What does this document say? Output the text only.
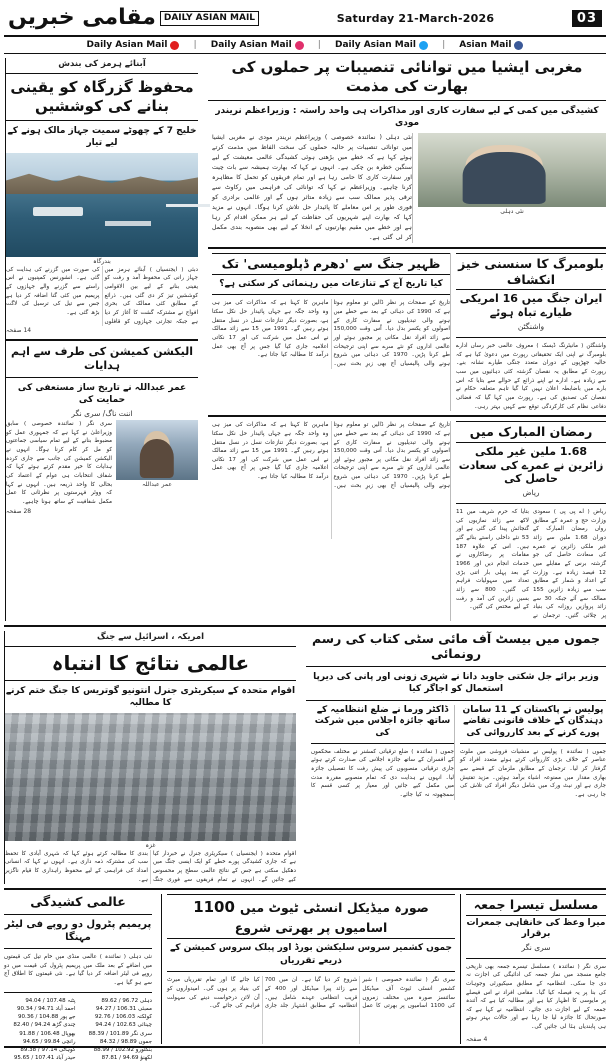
03
Saturday 21-March-2026
DAILY ASIAN MAIL
مقامی خبریں
Asian Mail
|
Daily Asian Mail
|
Daily Asian Mail
|
Daily Asian Mail
مغربی ایشیا میں توانائی تنصیبات پر حملوں کی بھارت کی مذمت
کشیدگی میں کمی کے لیے سفارت کاری اور مذاکرات ہی واحد راستہ : وزیراعظم نریندر مودی
نئی دہلی
نئی دہلی ( نمائندہ خصوصی ) وزیراعظم نریندر مودی نے مغربی ایشیا میں توانائی تنصیبات پر حالیہ حملوں کی سخت الفاظ میں مذمت کرتے ہوئے کہا ہے کہ خطے میں بڑھتی ہوئی کشیدگی عالمی معیشت کے لیے سنگین خطرہ بن چکی ہے۔ انہوں نے کہا کہ بھارت ہمیشہ سے بات چیت اور سفارت کاری کا حامی رہا ہے اور تمام فریقوں کو تحمل کا مظاہرہ کرنا چاہیے۔ وزیراعظم نے کہا کہ توانائی کی فراہمی میں رکاوٹ سے ترقی پذیر ممالک سب سے زیادہ متاثر ہوں گے اور عالمی برادری کو فوری طور پر اس معاملے کا پائیدار حل تلاش کرنا ہوگا۔ انہوں نے مزید کہا کہ بھارت اپنے شہریوں کی حفاظت کے لیے ہر ممکن اقدام کر رہا ہے اور خطے میں مقیم بھارتیوں کے انخلا کے لیے بھی منصوبہ بندی مکمل کر لی گئی ہے۔
بلومبرگ کا سنسنی خیز انکشاف
ایران جنگ میں 16 امریکی طیارے تباہ ہوئے
واشنگٹن
واشنگٹن ( مانیٹرنگ ڈیسک ) معروف عالمی خبر رساں ادارے بلومبرگ نے اپنی ایک تحقیقاتی رپورٹ میں دعویٰ کیا ہے کہ حالیہ جھڑپوں کے دوران متعدد جنگی طیارے نشانہ بنے۔ رپورٹ کے مطابق یہ نقصان گزشتہ کئی دہائیوں میں سب سے زیادہ ہے۔ ادارے نے اپنے ذرائع کے حوالے سے بتایا کہ اس بارے میں باضابطہ اعلان نہیں کیا گیا تاہم متعلقہ حکام نے نقصان کی تصدیق کی ہے۔ رپورٹ میں کہا گیا کہ فضائی دفاعی نظام کی کارکردگی توقع سے کہیں بہتر رہی۔
ظہیر جنگ سے 'دھرم ڈپلومیسی' تک
کیا تاریخ آج کے تنازعات میں رہنمائی کر سکتی ہے؟
تاریخ کے صفحات پر نظر ڈالیں تو معلوم ہوتا ہے کہ 1990 کی دہائی کے بعد سے خطے میں ہونے والی تبدیلیوں نے سفارت کاری کے اصولوں کو یکسر بدل دیا۔ اُس وقت 150,000 سے زائد افراد نقل مکانی پر مجبور ہوئے اور عالمی اداروں کو نئے سرے سے اپنی ترجیحات طے کرنا پڑیں۔ 1970 کی دہائی میں شروع ہونے والی پالیسیاں آج بھی زیرِ بحث ہیں۔ ماہرین کا کہنا ہے کہ مذاکرات کی میز ہی وہ واحد جگہ ہے جہاں پائیدار حل نکل سکتا ہے، بصورت دیگر تنازعات نسل در نسل منتقل ہوتے رہیں گے۔ 1991 میں 15 سے زائد ممالک نے اس عمل میں شرکت کی اور 17 نکاتی اعلامیہ جاری کیا گیا جس پر آج بھی عمل درآمد کا مطالبہ کیا جاتا ہے۔
رمضان المبارک میں
1.68 ملین غیر ملکی زائرین نے عمرے کی سعادت حاصل کی
ریاض
ریاض ( اے پی پی ) سعودی وزارت حج و عمرہ کے مطابق رواں رمضان المبارک کے دوران 1.68 ملین سے زائد غیر ملکی زائرین نے عمرے کی سعادت حاصل کی جو گزشتہ برس کے مقابلے میں 12 فیصد زیادہ ہے۔ وزارت کے اعداد و شمار کے مطابق سب سے زیادہ زائرین 155 ممالک سے آئے جبکہ 30 سے زائد پروازیں روزانہ کی بنیاد پر چلائی گئیں۔ ترجمان نے بتایا کہ حرم شریف میں 11 لاکھ سے زائد نمازیوں کی گنجائش پیدا کی گئی ہے اور 53 نئے داخلی راستے بنائے گئے ہیں۔ اس کے علاوہ 187 مقامات پر رضاکاروں نے خدمات انجام دیں اور 1966 کے بعد پہلی بار اتنی بڑی تعداد میں سہولیات فراہم کی گئیں۔ 800 سے زائد بسیں زائرین کی آمد و رفت کے لیے مختص کی گئیں۔
تاریخ کے صفحات پر نظر ڈالیں تو معلوم ہوتا ہے کہ 1990 کی دہائی کے بعد سے خطے میں ہونے والی تبدیلیوں نے سفارت کاری کے اصولوں کو یکسر بدل دیا۔ اُس وقت 150,000 سے زائد افراد نقل مکانی پر مجبور ہوئے اور عالمی اداروں کو نئے سرے سے اپنی ترجیحات طے کرنا پڑیں۔ 1970 کی دہائی میں شروع ہونے والی پالیسیاں آج بھی زیرِ بحث ہیں۔ ماہرین کا کہنا ہے کہ مذاکرات کی میز ہی وہ واحد جگہ ہے جہاں پائیدار حل نکل سکتا ہے، بصورت دیگر تنازعات نسل در نسل منتقل ہوتے رہیں گے۔ 1991 میں 15 سے زائد ممالک نے اس عمل میں شرکت کی اور 17 نکاتی اعلامیہ جاری کیا گیا جس پر آج بھی عمل درآمد کا مطالبہ کیا جاتا ہے۔
آبنائے ہرمز کی بندش
محفوظ گزرگاہ کو یقینی بنانے کی کوششیں
خلیج 7 کے چھوٹے سمیت جہاز مالک ہونے کے لیے تیار
بندرگاہ
دبئی ( ایجنسیاں ) آبنائے ہرمز میں جہاز رانی کی محفوظ آمد و رفت کو یقینی بنانے کے لیے بین الاقوامی کوششیں تیز کر دی گئی ہیں۔ ذرائع کے مطابق کئی ممالک کی بحری افواج نے مشترکہ گشت کا آغاز کر دیا ہے جبکہ تجارتی جہازوں کو قافلوں کی صورت میں گزرنے کی ہدایت کی گئی ہے۔ انشورنس کمپنیوں نے اس راستے سے گزرنے والے جہازوں کے پریمیم میں کئی گنا اضافہ کر دیا ہے جس سے تیل کی ترسیل کی لاگت بڑھ گئی ہے۔
14 صفحہ
الیکشن کمیشن کی طرف سے اہم ہدایات
عمر عبداللہ نے تاریخ ساز مستعفی کی حمایت کی
اننت ناگ/ سری نگر
عمر عبداللہ
سری نگر ( نمائندہ خصوصی ) سابق وزیراعلیٰ نے کہا ہے کہ جمہوری عمل کو مضبوط بنانے کے لیے تمام سیاسی جماعتوں کو مل کر کام کرنا ہوگا۔ انہوں نے الیکشن کمیشن کی جانب سے جاری کردہ ہدایات کا خیر مقدم کرتے ہوئے کہا کہ شفاف انتخابات ہی عوام کے اعتماد کی بحالی کا واحد ذریعہ ہیں۔ انہوں نے کہا کہ ووٹر فہرستوں پر نظرثانی کا عمل مکمل شفافیت کے ساتھ ہونا چاہیے۔
28 صفحہ
جموں میں بیسٹ آف مائی سٹی کتاب کی رسم رونمائی
وزیر برائے جل شکتی جاوید دانا نے شہری زونی اور پانی کی دیرپا استعمال کو اجاگر کیا
پولیس نے پاکستان کے 11 سامان دہندگان کے خلاف قانونی تقاضے پورے کرنے کے بعد کارروائی کی
جموں ( نمائندہ ) پولیس نے منشیات فروشی میں ملوث عناصر کے خلاف بڑی کارروائی کرتے ہوئے متعدد افراد کو گرفتار کر لیا۔ ترجمان کے مطابق ملزمان کے قبضے سے بھاری مقدار میں ممنوعہ اشیاء برآمد ہوئیں۔ مزید تفتیش جاری ہے اور نیٹ ورک میں شامل دیگر افراد کی تلاش کی جا رہی ہے۔
ڈاکٹر ورما نے ضلع انتظامیہ کے ساتھ جائزہ اجلاس میں شرکت کی
جموں ( نمائندہ ) ضلع ترقیاتی کمشنر نے مختلف محکموں کے افسران کے ساتھ جائزہ اجلاس کی صدارت کرتے ہوئے جاری ترقیاتی منصوبوں کی پیش رفت کا تفصیلی جائزہ لیا۔ انہوں نے ہدایت دی کہ تمام منصوبے مقررہ مدت میں مکمل کیے جائیں اور معیار پر کسی قسم کا سمجھوتہ نہ کیا جائے۔
امریکہ ، اسرائیل سے جنگ
عالمی نتائج کا انتباہ
اقوام متحدہ کے سیکریٹری جنرل انتونیو گوتریس کا جنگ ختم کرنے کا مطالبہ
غزہ
اقوام متحدہ ( ایجنسیاں ) سیکریٹری جنرل نے خبردار کیا ہے کہ جاری کشیدگی پورے خطے کو ایک ایسی جنگ میں دھکیل سکتی ہے جس کے نتائج عالمی سطح پر محسوس کیے جائیں گے۔ انہوں نے تمام فریقوں سے فوری جنگ بندی کا مطالبہ کرتے ہوئے کہا کہ شہری آبادی کا تحفظ سب کی مشترکہ ذمہ داری ہے۔ انہوں نے کہا کہ انسانی امداد کی فراہمی کے لیے محفوظ راہداری کا قیام ناگزیر ہے۔
مسلسل تیسرا جمعہ
میرا وعظ کی خانقاہی جمعرات برقرار
سری نگر
سری نگر ( نمائندہ ) مسلسل تیسرے جمعہ بھی تاریخی جامع مسجد میں نماز جمعہ کی ادائیگی کی اجازت نہ دی جا سکی۔ انتظامیہ کے مطابق سیکیورٹی وجوہات کی بنا پر یہ فیصلہ کیا گیا۔ مقامی افراد نے اس فیصلے پر مایوسی کا اظہار کیا ہے اور مطالبہ کیا ہے کہ آئندہ جمعہ کے لیے اجازت دی جائے۔ انتظامیہ نے کہا ہے کہ صورتحال کا جائزہ لیا جا رہا ہے اور حالات بہتر ہوتے ہی پابندیاں ہٹا لی جائیں گی۔
4 صفحہ
صورہ میڈیکل انسٹی ٹیوٹ میں 1100 اسامیوں پر بھرتی شروع
جموں کشمیر سروس سلیکشن بورڈ اور پبلک سروس کمیشن کے ذریعے تقرریاں
سری نگر ( نمائندہ خصوصی ) شیر کشمیر انسٹی ٹیوٹ آف میڈیکل سائنسز صورہ میں مختلف زمروں کی 1100 اسامیوں پر بھرتی کا عمل شروع کر دیا گیا ہے۔ ان میں 700 سے زائد پیرا میڈیکل اور 400 کے قریب انتظامی عہدے شامل ہیں۔ انتظامیہ کے مطابق اشتہار جلد جاری کیا جائے گا اور تمام تقرریاں میرٹ کی بنیاد پر ہوں گی۔ امیدواروں کو آن لائن درخواست دینے کی سہولت فراہم کی جائے گی۔
عالمی کشیدگی
پریمیم پٹرول دو روپے فی لیٹر مہنگا
نئی دہلی ( نمائندہ ) عالمی منڈی میں خام تیل کی قیمتوں میں اضافے کے بعد ملک میں پریمیم پٹرول کی قیمت میں دو روپے فی لیٹر اضافہ کر دیا گیا ہے۔ نئی قیمتوں کا اطلاق آج سے ہو گیا ہے۔
دہلی 96.72 / 89.62
ممبئی 106.31 / 94.27
کولکتہ 106.03 / 92.76
چینائی 102.63 / 94.24
سری نگر 101.89 / 88.39
جموں 98.89 / 84.32
بنگلورو 102.92 / 88.99
لکھنؤ 94.69 / 87.81
پٹنہ 107.48 / 94.04
احمد آباد 94.71 / 90.34
جے پور 104.88 / 90.36
چندی گڑھ 94.24 / 82.40
بھوپال 106.48 / 91.88
رانچی 99.84 / 94.65
گوہاٹی 97.14 / 89.38
حیدر آباد 107.41 / 95.65
